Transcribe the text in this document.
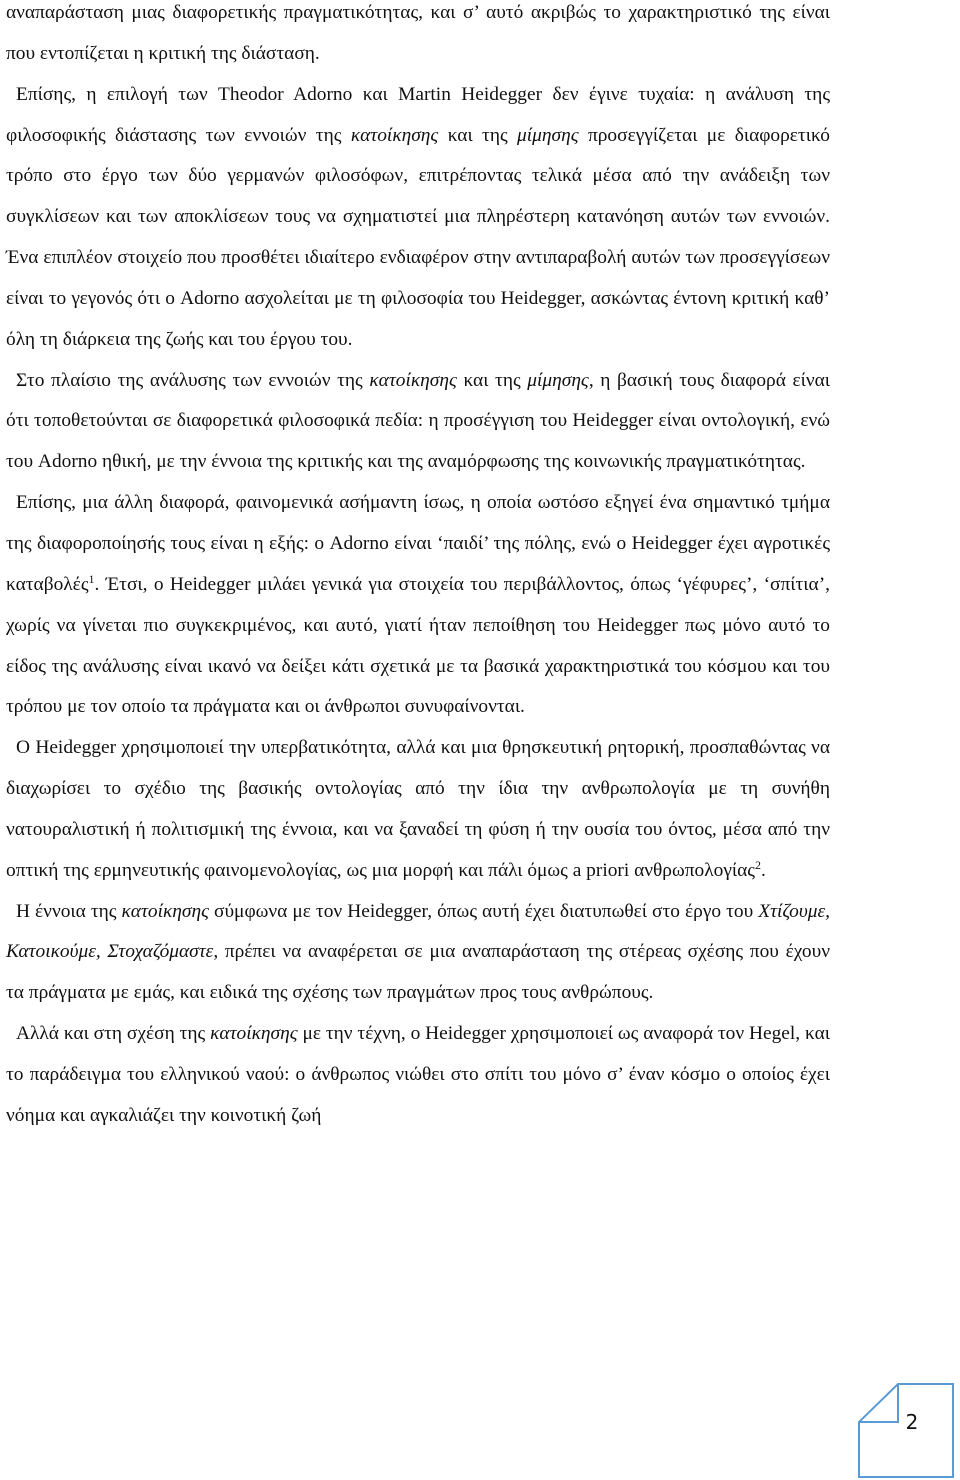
αναπαράσταση μιας διαφορετικής πραγματικότητας, και σ’ αυτό ακριβώς το χαρακτηριστικό της είναι που εντοπίζεται η κριτική της διάσταση.

Επίσης, η επιλογή των Theodor Adorno και Martin Heidegger δεν έγινε τυχαία: η ανάλυση της φιλοσοφικής διάστασης των εννοιών της κατοίκησης και της μίμησης προσεγγίζεται με διαφορετικό τρόπο στο έργο των δύο γερμανών φιλοσόφων, επιτρέποντας τελικά μέσα από την ανάδειξη των συγκλίσεων και των αποκλίσεων τους να σχηματιστεί μια πληρέστερη κατανόηση αυτών των εννοιών. Ένα επιπλέον στοιχείο που προσθέτει ιδιαίτερο ενδιαφέρον στην αντιπαραβολή αυτών των προσεγγίσεων είναι το γεγονός ότι ο Adorno ασχολείται με τη φιλοσοφία του Heidegger, ασκώντας έντονη κριτική καθ’ όλη τη διάρκεια της ζωής και του έργου του.

Στο πλαίσιο της ανάλυσης των εννοιών της κατοίκησης και της μίμησης, η βασική τους διαφορά είναι ότι τοποθετούνται σε διαφορετικά φιλοσοφικά πεδία: η προσέγγιση του Heidegger είναι οντολογική, ενώ του Adorno ηθική, με την έννοια της κριτικής και της αναμόρφωσης της κοινωνικής πραγματικότητας.

Επίσης, μια άλλη διαφορά, φαινομενικά ασήμαντη ίσως, η οποία ωστόσο εξηγεί ένα σημαντικό τμήμα της διαφοροποίησής τους είναι η εξής: ο Adorno είναι ‘παιδί’ της πόλης, ενώ ο Heidegger έχει αγροτικές καταβολές$^1$. Έτσι, ο Heidegger μιλάει γενικά για στοιχεία του περιβάλλοντος, όπως ‘γέφυρες’, ‘σπίτια’, χωρίς να γίνεται πιο συγκεκριμένος, και αυτό, γιατί ήταν πεποίθηση του Heidegger πως μόνο αυτό το είδος της ανάλυσης είναι ικανό να δείξει κάτι σχετικά με τα βασικά χαρακτηριστικά του κόσμου και του τρόπου με τον οποίο τα πράγματα και οι άνθρωποι συνυφαίνονται.

Ο Heidegger χρησιμοποιεί την υπερβατικότητα, αλλά και μια θρησκευτική ρητορική, προσπαθώντας να διαχωρίσει το σχέδιο της βασικής οντολογίας από την ίδια την ανθρωπολογία με τη συνήθη νατουραλιστική ή πολιτισμική της έννοια, και να ξαναδεί τη φύση ή την ουσία του όντος, μέσα από την οπτική της ερμηνευτικής φαινομενολογίας, ως μια μορφή και πάλι όμως a priori ανθρωπολογίας$^2$.

Η έννοια της κατοίκησης σύμφωνα με τον Heidegger, όπως αυτή έχει διατυπωθεί στο έργο του Χτίζουμε, Κατοικούμε, Στοχαζόμαστε, πρέπει να αναφέρεται σε μια αναπαράσταση της στέρεας σχέσης που έχουν τα πράγματα με εμάς, και ειδικά της σχέσης των πραγμάτων προς τους ανθρώπους.

Αλλά και στη σχέση της κατοίκησης με την τέχνη, ο Heidegger χρησιμοποιεί ως αναφορά τον Hegel, και το παράδειγμα του ελληνικού ναού: ο άνθρωπος νιώθει στο σπίτι του μόνο σ’ έναν κόσμο ο οποίος έχει νόημα και αγκαλιάζει την κοινοτική ζωή

2
